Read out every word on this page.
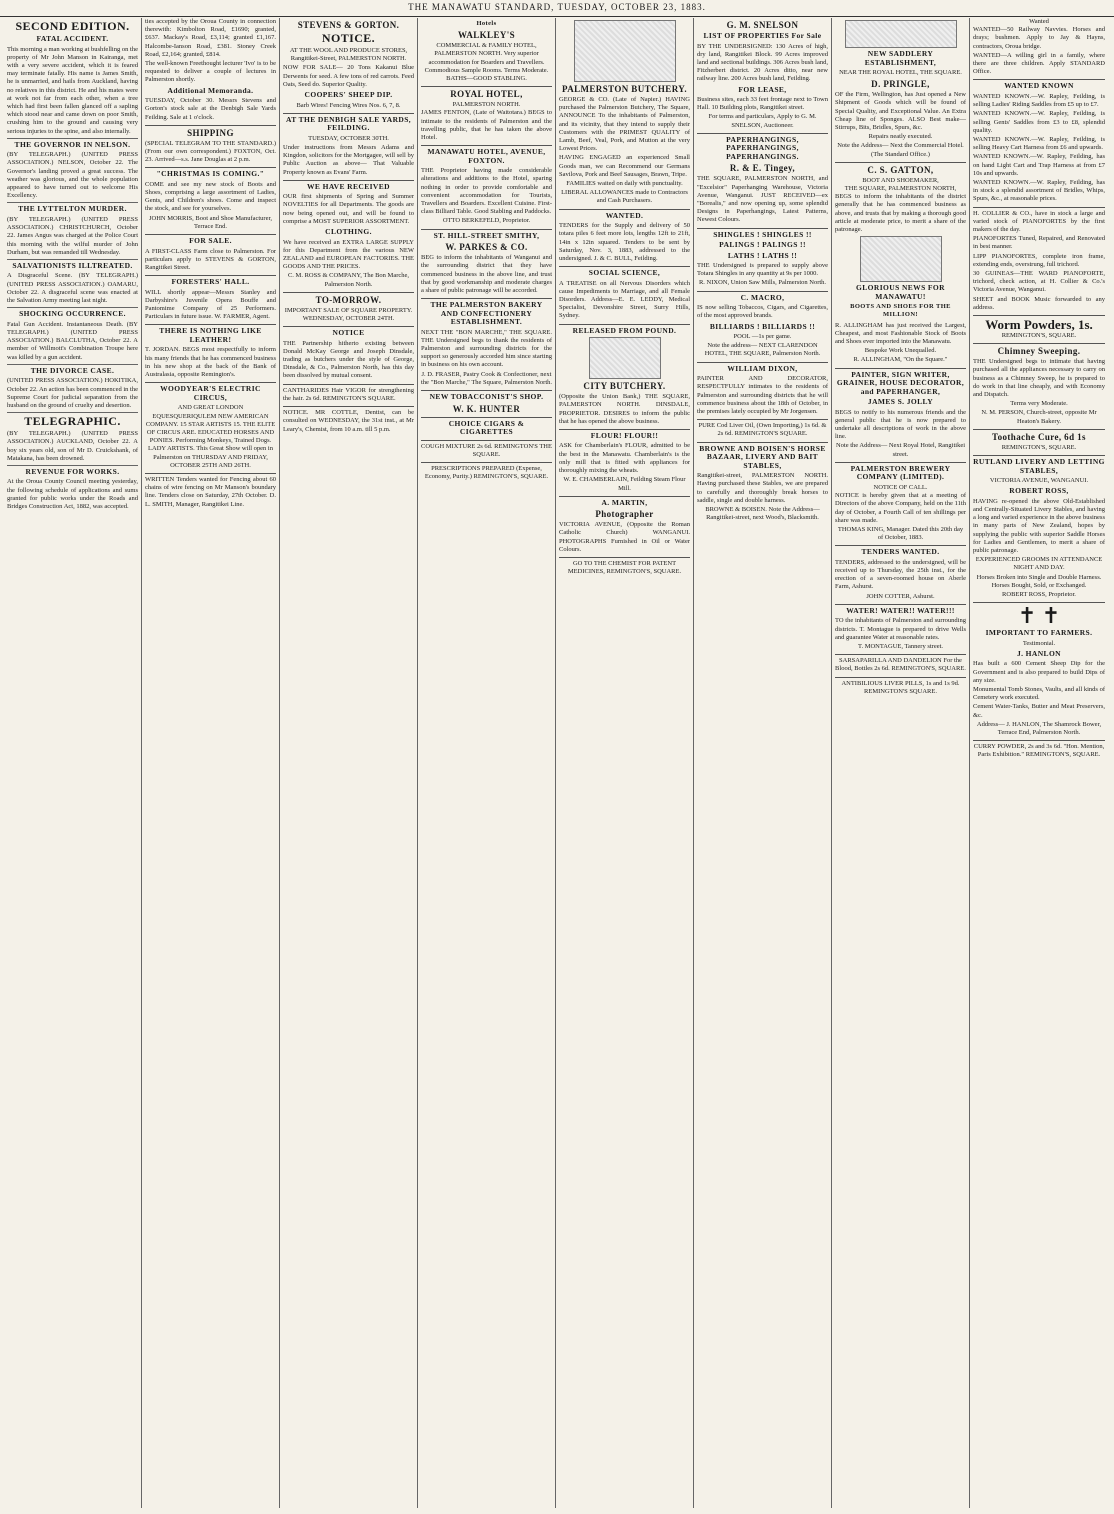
THE MANAWATU STANDARD, TUESDAY, OCTOBER 23, 1883.
SECOND EDITION.
FATAL ACCIDENT.

This morning a man working at bushfelling on the property of Mr John Manson in Kairanga, met with a very severe accident, which it is feared may terminate fatally. His name is James Smith, he is unmarried, and hails from Auckland, having no relatives in this district. He and his mates were at work not far from each other, when a tree which had first been fallen glanced off a sapling which stood near and came down on poor Smith, crushing him to the ground and causing very serious injuries to the spine, and also internally.

THE GOVERNOR IN NELSON.

(BY TELEGRAPH.) (UNITED PRESS ASSOCIATION.) NELSON, October 22. The Governor's landing proved a great success. The weather was glorious, and the whole population appeared to have turned out to welcome His Excellency.

THE LYTTELTON MURDER.

(BY TELEGRAPH.) (UNITED PRESS ASSOCIATION.) CHRISTCHURCH, October 22. James Angus was charged at the Police Court this morning with the wilful murder of John Durham, but was remanded till Wednesday.

SALVATIONISTS ILLTREATED.

A Disgraceful Scene. (BY TELEGRAPH.) (UNITED PRESS ASSOCIATION.) OAMARU, October 22. A disgraceful scene was enacted at the Salvation Army meeting last night.

SHOCKING OCCURRENCE.

Fatal Gun Accident. Instantaneous Death. (BY TELEGRAPH.) (UNITED PRESS ASSOCIATION.) BALCLUTHA, October 22. A member of Willmott's Combination Troupe here was killed by a gun accident.

THE DIVORCE CASE.

(UNITED PRESS ASSOCIATION.) HOKITIKA, October 22. An action has been commenced in the Supreme Court for judicial separation from the husband on the ground of cruelty and desertion.

TELEGRAPHIC.

(BY TELEGRAPH.) (UNITED PRESS ASSOCIATION.) AUCKLAND, October 22. A boy six years old, son of Mr D. Cruickshank, of Matakana, has been drowned.

REVENUE FOR WORKS.

At the Oroua County Council meeting yesterday, the following schedule of applications and sums granted for public works under the Roads and Bridges Construction Act, 1882, was accepted.

ties accepted by the Oroua County in connection therewith: Kimbolton Road, £1690; granted, £637. Mackay's Road, £3,114; granted £1,167. Halcombe-Ianson Road, £381. Stoney Creek Road, £2,164; granted, £814.

The well-known Freethought lecturer 'Ivo' is to be requested to deliver a couple of lectures in Palmerston shortly.

Additional Memoranda.

TUESDAY, October 30. Messrs Stevens and Gorton's stock sale at the Denbigh Sale Yards Feilding. Sale at 1 o'clock.

SHIPPING

(SPECIAL TELEGRAM TO THE STANDARD.) (From our own correspondent.) FOXTON, Oct. 23. Arrived—s.s. Jane Douglas at 2 p.m.

"CHRISTMAS IS COMING."

COME and see my new stock of Boots and Shoes, comprising a large assortment of Ladies, Gents, and Children's shoes. Come and inspect the stock, and see for yourselves.

JOHN MORRIS, Boot and Shoe Manufacturer, Terrace End.

FOR SALE.

A FIRST-CLASS Farm close to Palmerston. For particulars apply to STEVENS & GORTON, Rangitikei Street.

FORESTERS' HALL.

WILL shortly appear—Messrs Stanley and Darbyshire's Juvenile Opera Bouffe and Pantomime Company of 25 Performers. Particulars in future issue. W. FARMER, Agent.

THERE IS NOTHING LIKE LEATHER!

T. JORDAN. BEGS most respectfully to inform his many friends that he has commenced business in his new shop at the back of the Bank of Australasia, opposite Remington's.

WOODYEAR'S ELECTRIC CIRCUS,

AND GREAT LONDON EQUESQUERIQULEM NEW AMERICAN COMPANY. 15 STAR ARTISTS 15. THE ELITE OF CIRCUS ARE. EDUCATED HORSES AND PONIES. Performing Monkeys, Trained Dogs. LADY ARTISTS. This Great Show will open in Palmerston on THURSDAY AND FRIDAY, OCTOBER 25TH AND 26TH.

WRITTEN Tenders wanted for Fencing about 60 chains of wire fencing on Mr Manson's boundary line. Tenders close on Saturday, 27th October. D. L. SMITH, Manager, Rangitikei Line.

STEVENS & GORTON.
NOTICE.

AT THE WOOL AND PRODUCE STORES, Rangitikei-Street, PALMERSTON NORTH.

NOW FOR SALE— 20 Tons Kakanui Blue Derwents for seed. A few tons of red carrots. Feed Oats, Seed do. Superior Quality.

COOPERS' SHEEP DIP.

Barb Wires! Fencing Wires Nos. 6, 7, 8.

AT THE DENBIGH SALE YARDS, FEILDING.

TUESDAY, OCTOBER 30TH.

Under instructions from Messrs Adams and Kingdon, solicitors for the Mortgagee, will sell by Public Auction as above— That Valuable Property known as Evans' Farm.

WE HAVE RECEIVED

OUR first shipments of Spring and Summer NOVELTIES for all Departments. The goods are now being opened out, and will be found to comprise a MOST SUPERIOR ASSORTMENT.

CLOTHING.

We have received an EXTRA LARGE SUPPLY for this Department from the various NEW ZEALAND and EUROPEAN FACTORIES. THE GOODS AND THE PRICES.

C. M. ROSS & COMPANY, The Bon Marche, Palmerston North.

TO-MORROW.

IMPORTANT SALE OF SQUARE PROPERTY. WEDNESDAY, OCTOBER 24TH.

NOTICE

THE Partnership hitherto existing between Donald McKay George and Joseph Dinsdale, trading as butchers under the style of George, Dinsdale, & Co., Palmerston North, has this day been dissolved by mutual consent.

CANTHARIDES Hair VIGOR for strengthening the hair. 2s 6d. REMINGTON'S SQUARE.

NOTICE. MR COTTLE, Dentist, can be consulted on WEDNESDAY, the 31st inst., at Mr Leary's, Chemist, from 10 a.m. till 5 p.m.

Hotels
WALKLEY'S

COMMERCIAL & FAMILY HOTEL, PALMERSTON NORTH. Very superior accommodation for Boarders and Travellers. Commodious Sample Rooms. Terms Moderate. BATHS—GOOD STABLING.

ROYAL HOTEL,
PALMERSTON NORTH.

JAMES FENTON, (Late of Waitotara.) BEGS to intimate to the residents of Palmerston and the travelling public, that he has taken the above Hotel.

MANAWATU HOTEL, AVENUE, FOXTON.

THE Proprietor having made considerable alterations and additions to the Hotel, sparing nothing in order to provide comfortable and convenient accommodation for Tourists, Travellers and Boarders. Excellent Cuisine. First-class Billiard Table. Good Stabling and Paddocks.

OTTO BERKEFELD, Proprietor.

ST. HILL-STREET SMITHY,
W. PARKES & CO.

BEG to inform the inhabitants of Wanganui and the surrounding district that they have commenced business in the above line, and trust that by good workmanship and moderate charges a share of public patronage will be accorded.

THE PALMERSTON BAKERY AND CONFECTIONERY ESTABLISHMENT.

NEXT THE "BON MARCHE," THE SQUARE. THE Undersigned begs to thank the residents of Palmerston and surrounding districts for the support so generously accorded him since starting in business on his own account.

J. D. FRASER, Pastry Cook & Confectioner, next the "Bon Marche," The Square, Palmerston North.

NEW TOBACCONIST'S SHOP.
W. K. HUNTER
CHOICE CIGARS & CIGARETTES

COUGH MIXTURE 2s 6d. REMINGTON'S THE SQUARE.

PRESCRIPTIONS PREPARED (Expense, Economy, Purity.) REMINGTON'S, SQUARE.

PALMERSTON BUTCHERY.

GEORGE & CO. (Late of Napier.) HAVING purchased the Palmerston Butchery, The Square, ANNOUNCE To the inhabitants of Palmerston, and its vicinity, that they intend to supply their Customers with the PRIMEST QUALITY of Lamb, Beef, Veal, Pork, and Mutton at the very Lowest Prices.

HAVING ENGAGED an experienced Small Goods man, we can Recommend our Germans Savilova, Pork and Beef Sausages, Brawn, Tripe.

FAMILIES waited on daily with punctuality.

LIBERAL ALLOWANCES made to Contractors and Cash Purchasers.

WANTED.

TENDERS for the Supply and delivery of 50 totara piles 6 feet more lots, lengths 12ft to 21ft, 14in x 12in squared. Tenders to be sent by Saturday, Nov. 3, 1883, addressed to the undersigned. J. & C. BULL, Feilding.

SOCIAL SCIENCE,

A TREATISE on all Nervous Disorders which cause Impediments to Marriage, and all Female Disorders. Address—E. E. LEDDY, Medical Specialist, Devonshire Street, Surry Hills, Sydney.

RELEASED FROM POUND.
CITY BUTCHERY.

(Opposite the Union Bank,) THE SQUARE, PALMERSTON NORTH. DINSDALE, PROPRIETOR. DESIRES to inform the public that he has opened the above business.

FLOUR! FLOUR!!

ASK for Chamberlain's FLOUR, admitted to be the best in the Manawatu. Chamberlain's is the only mill that is fitted with appliances for thoroughly mixing the wheats.

W. E. CHAMBERLAIN, Feilding Steam Flour Mill.

A. MARTIN,
Photographer

VICTORIA AVENUE, (Opposite the Roman Catholic Church) WANGANUI. PHOTOGRAPHS Furnished in Oil or Water Colours.

GO TO THE CHEMIST FOR PATENT MEDICINES, REMINGTON'S, SQUARE.

G. M. SNELSON
LIST OF PROPERTIES For Sale

BY THE UNDERSIGNED: 130 Acres of high, dry land, Rangitikei Block. 99 Acres improved land and sectional buildings. 306 Acres bush land, Fitzherbert district. 20 Acres ditto, near new railway line. 200 Acres bush land, Feilding.

FOR LEASE,

Business sites, each 33 feet frontage next to Town Hall. 10 Building plots, Rangitikei street.

For terms and particulars, Apply to G. M. SNELSON, Auctioneer.

PAPERHANGINGS, PAPERHANGINGS, PAPERHANGINGS.
R. & E. Tingey,

THE SQUARE, PALMERSTON NORTH, and "Excelsior" Paperhanging Warehouse, Victoria Avenue, Wanganui. JUST RECEIVED—ex "Borealis," and now opening up, some splendid Designs in Paperhangings, Latest Patterns, Newest Colours.

SHINGLES ! SHINGLES !!
PALINGS ! PALINGS !!
LATHS ! LATHS !!

THE Undersigned is prepared to supply above Totara Shingles in any quantity at 9s per 1000.

R. NIXON, Union Saw Mills, Palmerston North.

C. MACRO,

IS now selling Tobaccos, Cigars, and Cigarettes, of the most approved brands.

BILLIARDS ! BILLIARDS !!

POOL —1s per game.

Note the address— NEXT CLARENDON HOTEL, THE SQUARE, Palmerston North.

WILLIAM DIXON,

PAINTER AND DECORATOR, RESPECTFULLY intimates to the residents of Palmerston and surrounding districts that he will commence business about the 18th of October, in the premises lately occupied by Mr Jorgensen.

PURE Cod Liver Oil, (Own Importing,) 1s 6d. & 2s 6d. REMINGTON'S SQUARE.

BROWNE AND BOISEN'S HORSE BAZAAR, LIVERY AND BAIT STABLES,

Rangitikei-street, PALMERSTON NORTH. Having purchased these Stables, we are prepared to carefully and thoroughly break horses to saddle, single and double harness.

BROWNE & BOISEN. Note the Address—Rangitikei-street, next Wood's, Blacksmith.

NEW SADDLERY ESTABLISHMENT,
NEAR THE ROYAL HOTEL, THE SQUARE.
D. PRINGLE,

OF the Firm, Wellington, has Just opened a New Shipment of Goods which will be found of Special Quality, and Exceptional Value. An Extra Cheap line of Sponges. ALSO Best make—Stirrups, Bits, Bridles, Spurs, &c.

Repairs neatly executed.

Note the Address— Next the Commercial Hotel. (The Standard Office.)

C. S. GATTON,
BOOT AND SHOEMAKER,
THE SQUARE, PALMERSTON NORTH,

BEGS to inform the inhabitants of the district generally that he has commenced business as above, and trusts that by making a thorough good article at moderate price, to merit a share of the patronage.

GLORIOUS NEWS FOR MANAWATU!
BOOTS AND SHOES FOR THE MILLION!

R. ALLINGHAM has just received the Largest, Cheapest, and most Fashionable Stock of Boots and Shoes ever imported into the Manawatu.

Bespoke Work Unequalled.

R. ALLINGHAM, "On the Square."

PAINTER, SIGN WRITER, GRAINER, HOUSE DECORATOR, and PAPERHANGER,
JAMES S. JOLLY

BEGS to notify to his numerous friends and the general public that he is now prepared to undertake all descriptions of work in the above line.

Note the Address— Next Royal Hotel, Rangitikei street.

PALMERSTON BREWERY COMPANY (LIMITED).
NOTICE OF CALL.

NOTICE is hereby given that at a meeting of Directors of the above Company, held on the 11th day of October, a Fourth Call of ten shillings per share was made.

THOMAS KING, Manager. Dated this 20th day of October, 1883.

TENDERS WANTED.

TENDERS, addressed to the undersigned, will be received up to Thursday, the 25th inst., for the erection of a seven-roomed house on Aberle Farm, Ashurst.

JOHN COTTER, Ashurst.

WATER! WATER!! WATER!!!

TO the inhabitants of Palmerston and surrounding districts. T. Montague is prepared to drive Wells and guarantee Water at reasonable rates.

T. MONTAGUE, Tannery street.

SARSAPARILLA AND DANDELION For the Blood, Bottles 2s 6d. REMINGTON'S, SQUARE.

ANTIBILIOUS LIVER PILLS, 1s and 1s 9d. REMINGTON'S SQUARE.

Wanted

WANTED—50 Railway Navvies. Horses and drays; bushmen. Apply to Jay & Hayns, contractors, Oroua bridge.

WANTED—A willing girl in a family, where there are three children. Apply STANDARD Office.

WANTED KNOWN

WANTED KNOWN.—W. Rapley, Feilding, is selling Ladies' Riding Saddles from £5 up to £7.

WANTED KNOWN.—W. Rapley, Feilding, is selling Gents' Saddles from £3 to £8, splendid quality.

WANTED KNOWN.—W. Rapley, Feilding, is selling Heavy Cart Harness from £6 and upwards.

WANTED KNOWN.—W. Rapley, Feilding, has on hand Light Cart and Trap Harness at from £7 10s and upwards.

WANTED KNOWN.—W. Rapley, Feilding, has in stock a splendid assortment of Bridles, Whips, Spurs, &c., at reasonable prices.

H. COLLIER & CO., have in stock a large and varied stock of PIANOFORTES by the first makers of the day.

PIANOFORTES Tuned, Repaired, and Renovated in best manner.

LIPP PIANOFORTES, complete iron frame, extending ends, overstrung, full trichord.

30 GUINEAS—THE WARD PIANOFORTE, trichord, check action, at H. Collier & Co.'s Victoria Avenue, Wanganui.

SHEET and BOOK Music forwarded to any address.

Worm Powders, 1s.
REMINGTON'S, SQUARE.
Chimney Sweeping.

THE Undersigned begs to intimate that having purchased all the appliances necessary to carry on business as a Chimney Sweep, he is prepared to do work in that line cheaply, and with Economy and Dispatch.

Terms very Moderate.

N. M. PERSON, Church-street, opposite Mr Heaton's Bakery.

Toothache Cure, 6d 1s
REMINGTON'S, SQUARE.
RUTLAND LIVERY AND LETTING STABLES,
VICTORIA AVENUE, WANGANUI.
ROBERT ROSS,

HAVING re-opened the above Old-Established and Centrally-Situated Livery Stables, and having a long and varied experience in the above business in many parts of New Zealand, hopes by supplying the public with superior Saddle Horses for Ladies and Gentlemen, to merit a share of public patronage.

EXPERIENCED GROOMS IN ATTENDANCE NIGHT AND DAY.

Horses Broken into Single and Double Harness. Horses Bought, Sold, or Exchanged.

ROBERT ROSS, Proprietor.

✝ ✝
IMPORTANT TO FARMERS.
Testimonial.
J. HANLON

Has built a 600 Cement Sheep Dip for the Government and is also prepared to build Dips of any size.

Monumental Tomb Stones, Vaults, and all kinds of Cemetery work executed.

Cement Water-Tanks, Butter and Meat Preservers, &c.

Address— J. HANLON, The Shamrock Bower, Terrace End, Palmerston North.

CURRY POWDER, 2s and 3s 6d. "Hon. Mention, Paris Exhibition." REMINGTON'S, SQUARE.
